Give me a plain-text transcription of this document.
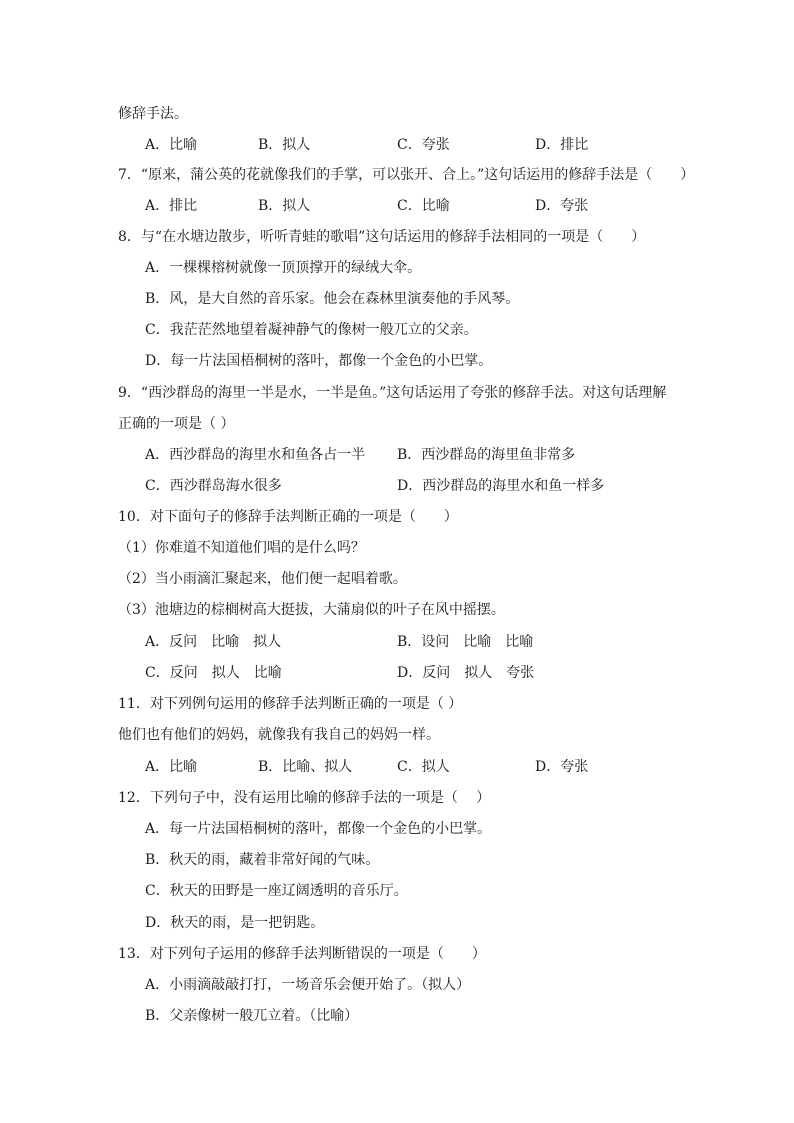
修辞手法。
A．比喻	B．拟人	C．夸张	D．排比
7．“原来，蒲公英的花就像我们的手掌，可以张开、合上。”这句话运用的修辞手法是（　　）
A．排比	B．拟人	C．比喻	D．夸张
8．与“在水塘边散步，听听青蛙的歌唱”这句话运用的修辞手法相同的一项是（　　）
A．一棵棵榕树就像一顶顶撑开的绿绒大伞。
B．风，是大自然的音乐家。他会在森林里演奏他的手风琴。
C．我茫茫然地望着凝神静气的像树一般兀立的父亲。
D．每一片法国梧桐树的落叶，都像一个金色的小巴掌。
9．“西沙群岛的海里一半是水，一半是鱼。”这句话运用了夸张的修辞手法。对这句话理解
正确的一项是（ ）
A．西沙群岛的海里水和鱼各占一半 B．西沙群岛的海里鱼非常多
C．西沙群岛海水很多	D．西沙群岛的海里水和鱼一样多
10．对下面句子的修辞手法判断正确的一项是（　　）
（1）你难道不知道他们唱的是什么吗？
（2）当小雨滴汇聚起来，他们便一起唱着歌。
（3）池塘边的棕榈树高大挺拔，大蒲扇似的叶子在风中摇摆。
A．反问　比喻　拟人	B．设问　比喻　比喻
C．反问　拟人　比喻	D．反问　拟人　夸张
11．对下列例句运用的修辞手法判断正确的一项是（ ）
他们也有他们的妈妈，就像我有我自己的妈妈一样。
A．比喻	B．比喻、拟人	C．拟人	D．夸张
12．下列句子中，没有运用比喻的修辞手法的一项是（　 ）
A．每一片法国梧桐树的落叶，都像一个金色的小巴掌。
B．秋天的雨，藏着非常好闻的气味。
C．秋天的田野是一座辽阔透明的音乐厅。
D．秋天的雨，是一把钥匙。
13．对下列句子运用的修辞手法判断错误的一项是（　　）
A．小雨滴敲敲打打，一场音乐会便开始了。（拟人）
B．父亲像树一般兀立着。（比喻）
